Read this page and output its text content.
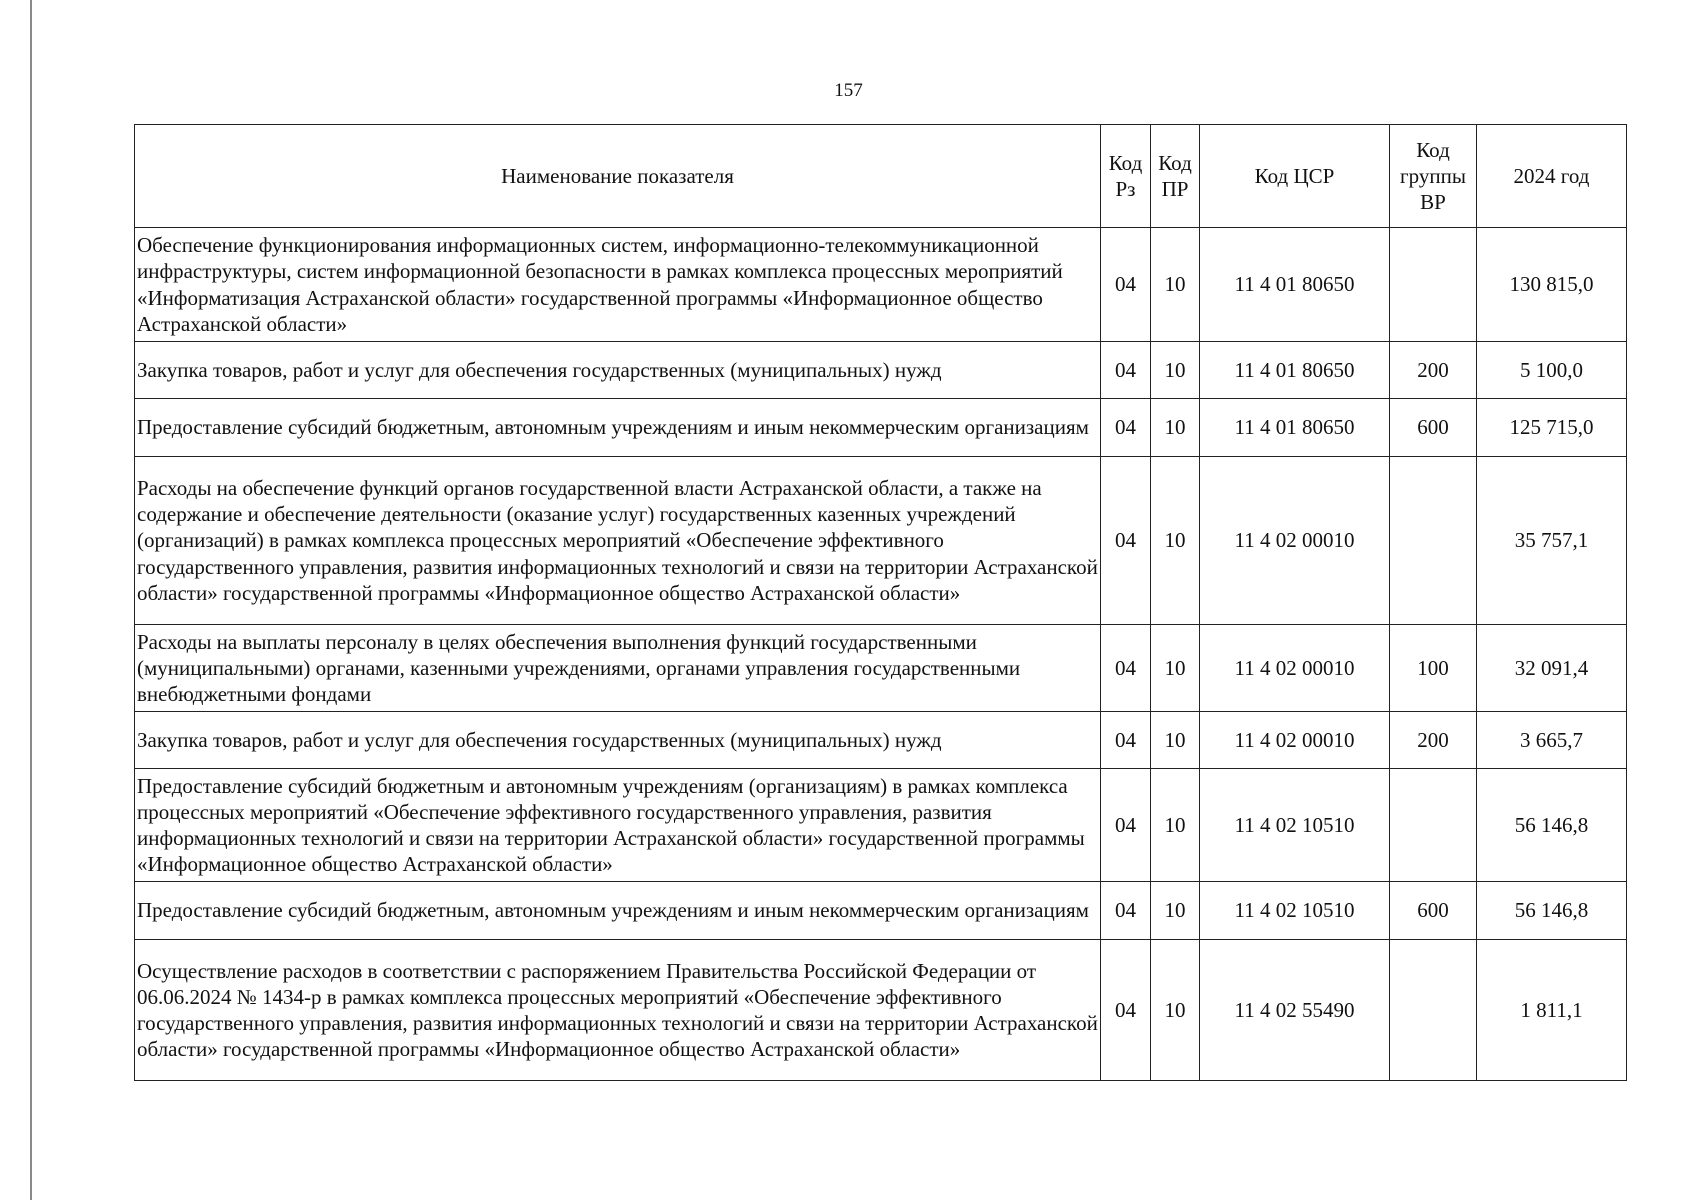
157
Наименование показателя	Код Рз	Код ПР	Код ЦСР	Код группы ВР	2024 год
Обеспечение функционирования информационных систем, информационно-телекоммуникационной инфраструктуры, систем информационной безопасности в рамках комплекса процессных мероприятий «Информатизация Астраханской области» государственной программы «Информационное общество Астраханской области»	04	10	11 4 01 80650		130 815,0
Закупка товаров, работ и услуг для обеспечения государственных (муниципальных) нужд	04	10	11 4 01 80650	200	5 100,0
Предоставление субсидий бюджетным, автономным учреждениям и иным некоммерческим организациям	04	10	11 4 01 80650	600	125 715,0
Расходы на обеспечение функций органов государственной власти Астраханской области, а также на содержание и обеспечение деятельности (оказание услуг) государственных казенных учреждений (организаций) в рамках комплекса процессных мероприятий «Обеспечение эффективного государственного управления, развития информационных технологий и связи на территории Астраханской области» государственной программы «Информационное общество Астраханской области»	04	10	11 4 02 00010		35 757,1
Расходы на выплаты персоналу в целях обеспечения выполнения функций государственными (муниципальными) органами, казенными учреждениями, органами управления государственными внебюджетными фондами	04	10	11 4 02 00010	100	32 091,4
Закупка товаров, работ и услуг для обеспечения государственных (муниципальных) нужд	04	10	11 4 02 00010	200	3 665,7
Предоставление субсидий бюджетным и автономным учреждениям (организациям) в рамках комплекса процессных мероприятий «Обеспечение эффективного государственного управления, развития информационных технологий и связи на территории Астраханской области» государственной программы «Информационное общество Астраханской области»	04	10	11 4 02 10510		56 146,8
Предоставление субсидий бюджетным, автономным учреждениям и иным некоммерческим организациям	04	10	11 4 02 10510	600	56 146,8
Осуществление расходов в соответствии с распоряжением Правительства Российской Федерации от 06.06.2024 № 1434-р в рамках комплекса процессных мероприятий «Обеспечение эффективного государственного управления, развития информационных технологий и связи на территории Астраханской области» государственной программы «Информационное общество Астраханской области»	04	10	11 4 02 55490		1 811,1
